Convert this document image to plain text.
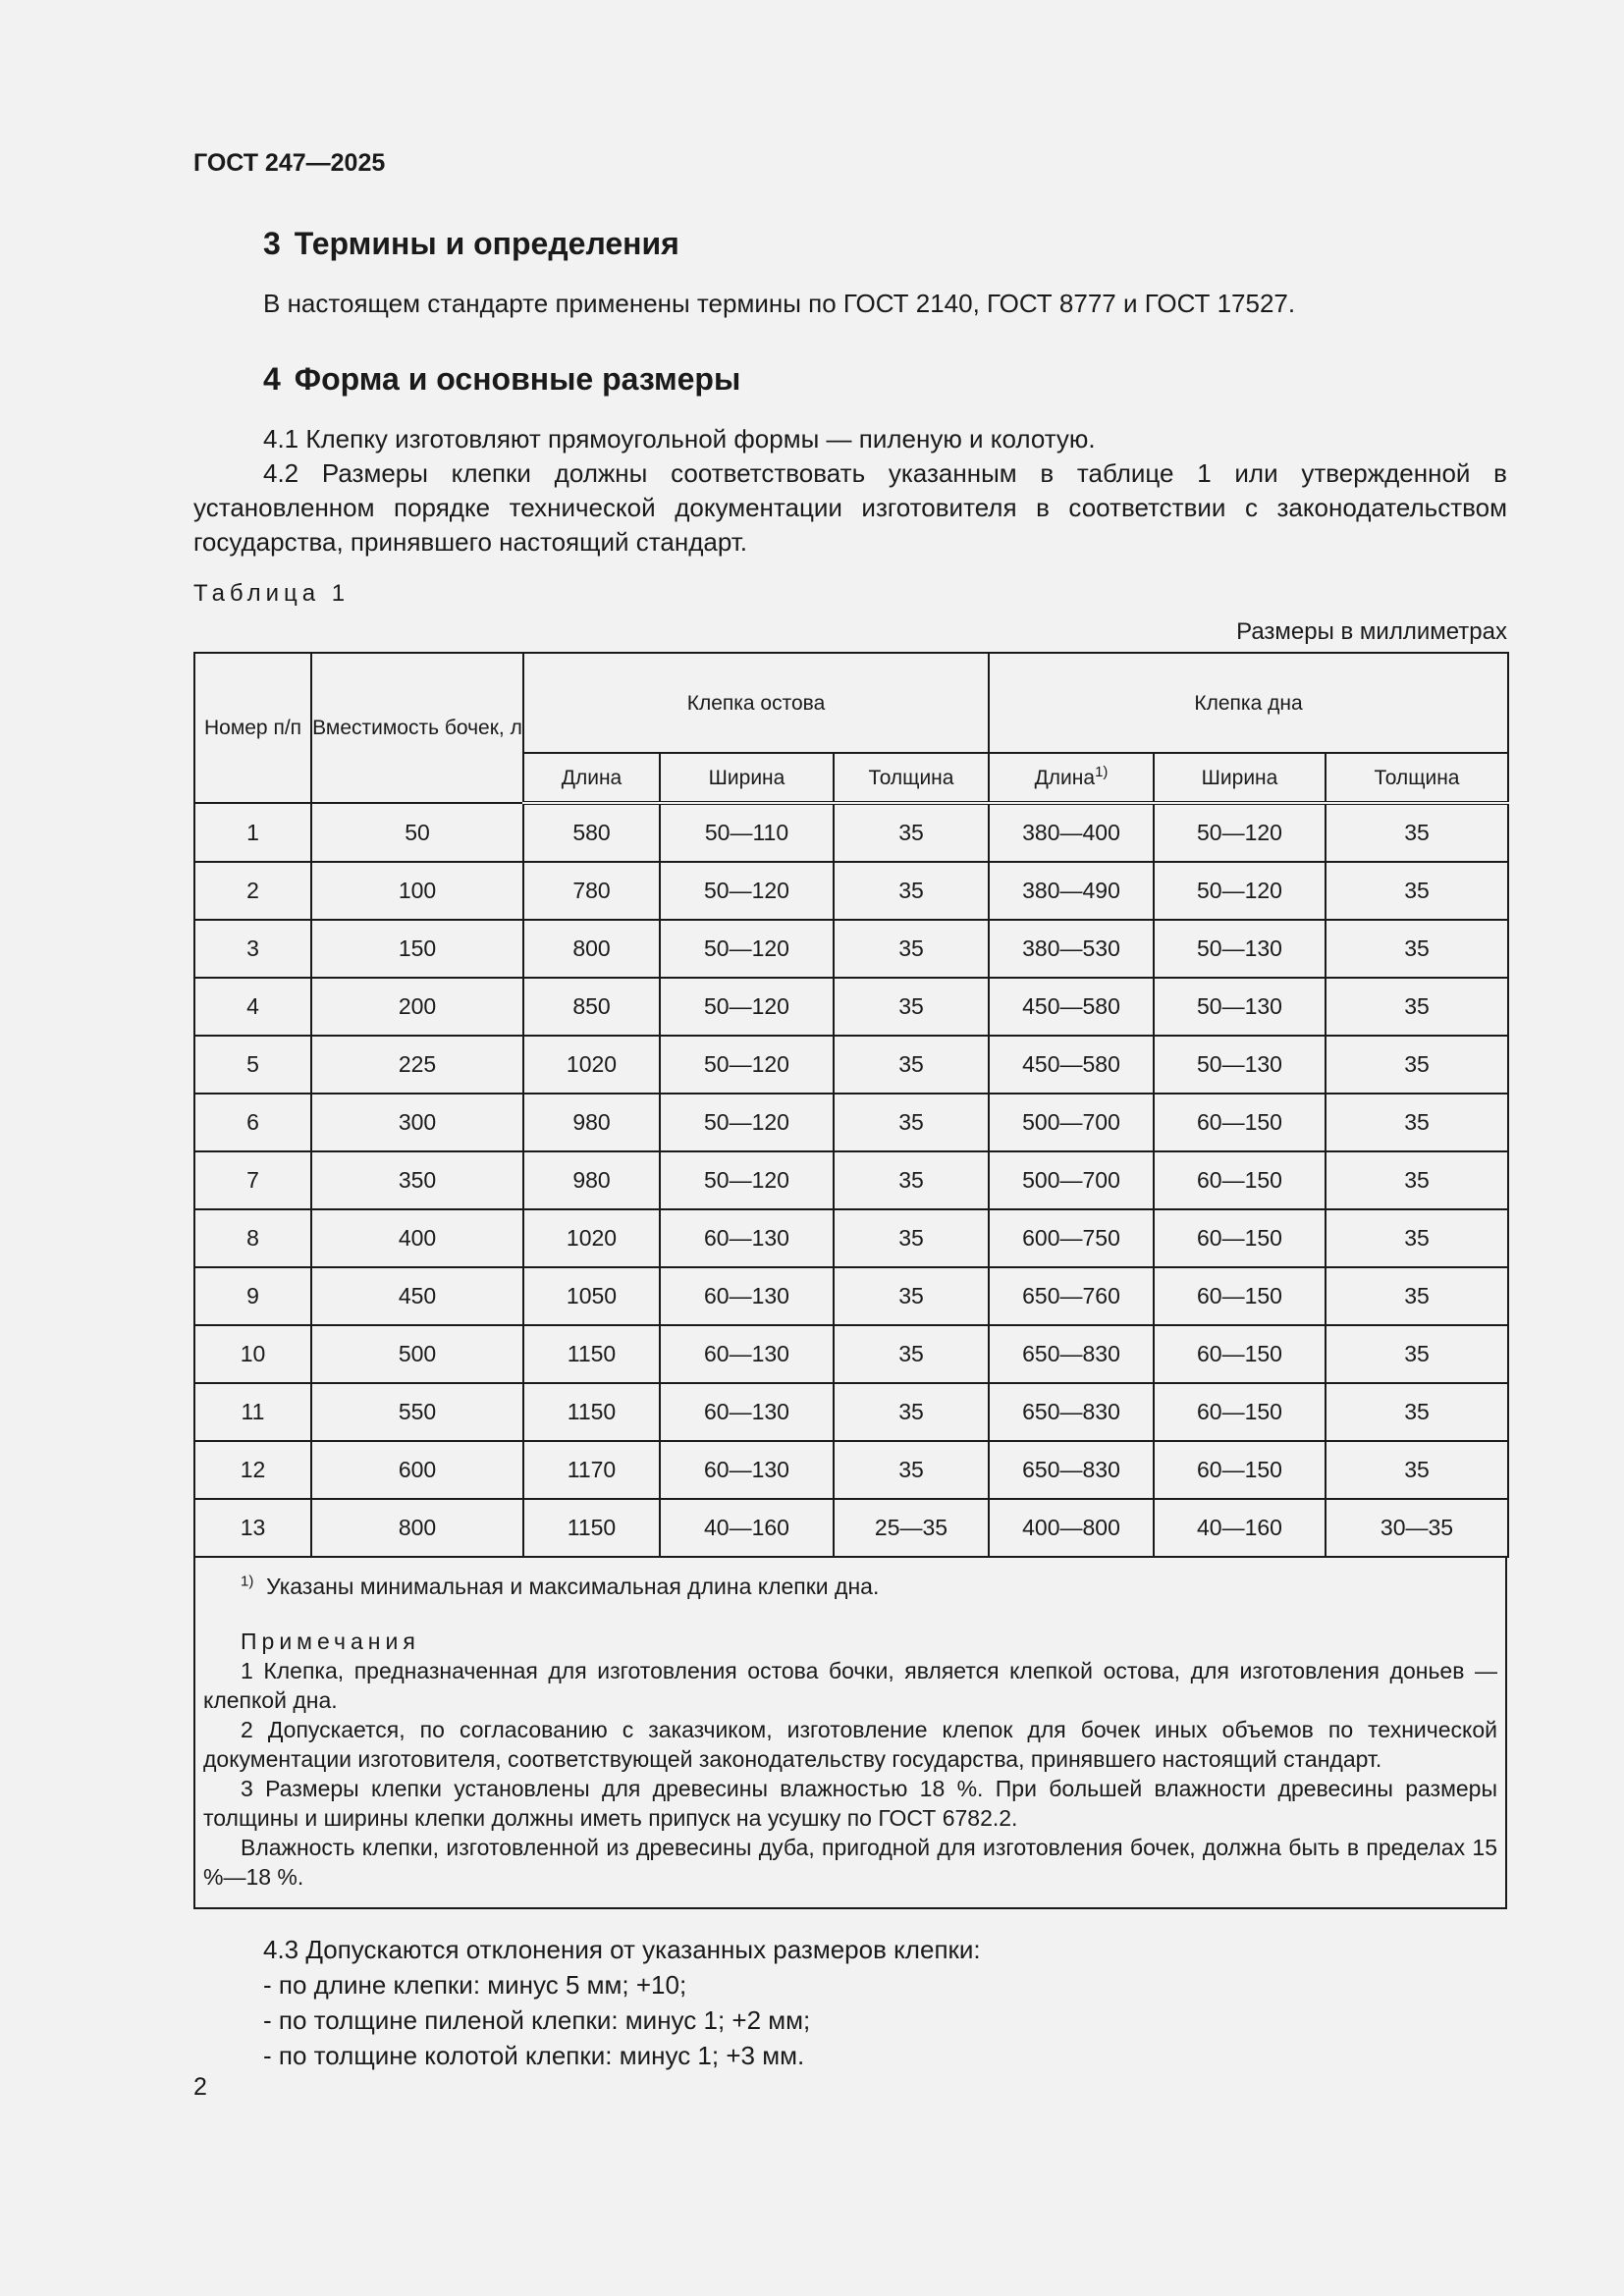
ГОСТ 247—2025
3 Термины и определения
В настоящем стандарте применены термины по ГОСТ 2140, ГОСТ 8777 и ГОСТ 17527.
4 Форма и основные размеры
4.1 Клепку изготовляют прямоугольной формы — пиленую и колотую.
4.2 Размеры клепки должны соответствовать указанным в таблице 1 или утвержденной в установленном порядке технической документации изготовителя в соответствии с законодательством государства, принявшего настоящий стандарт.
Таблица 1
Размеры в миллиметрах
Номер п/п	Вместимость бочек, л	Клепка остова			Клепка дна		
		Длина	Ширина	Толщина	Длина$^{1)}$	Ширина	Толщина
1	50	580	50—110	35	380—400	50—120	35
2	100	780	50—120	35	380—490	50—120	35
3	150	800	50—120	35	380—530	50—130	35
4	200	850	50—120	35	450—580	50—130	35
5	225	1020	50—120	35	450—580	50—130	35
6	300	980	50—120	35	500—700	60—150	35
7	350	980	50—120	35	500—700	60—150	35
8	400	1020	60—130	35	600—750	60—150	35
9	450	1050	60—130	35	650—760	60—150	35
10	500	1150	60—130	35	650—830	60—150	35
11	550	1150	60—130	35	650—830	60—150	35
12	600	1170	60—130	35	650—830	60—150	35
13	800	1150	40—160	25—35	400—800	40—160	30—35
$^{1)}$ Указаны минимальная и максимальная длина клепки дна.
Примечания
1 Клепка, предназначенная для изготовления остова бочки, является клепкой остова, для изготовления доньев — клепкой дна.
2 Допускается, по согласованию с заказчиком, изготовление клепок для бочек иных объемов по технической документации изготовителя, соответствующей законодательству государства, принявшего настоящий стандарт.
3 Размеры клепки установлены для древесины влажностью 18 %. При большей влажности древесины размеры толщины и ширины клепки должны иметь припуск на усушку по ГОСТ 6782.2.
Влажность клепки, изготовленной из древесины дуба, пригодной для изготовления бочек, должна быть в пределах 15 %—18 %.
4.3 Допускаются отклонения от указанных размеров клепки:
- по длине клепки: минус 5 мм; +10;
- по толщине пиленой клепки: минус 1; +2 мм;
- по толщине колотой клепки: минус 1; +3 мм.
2
